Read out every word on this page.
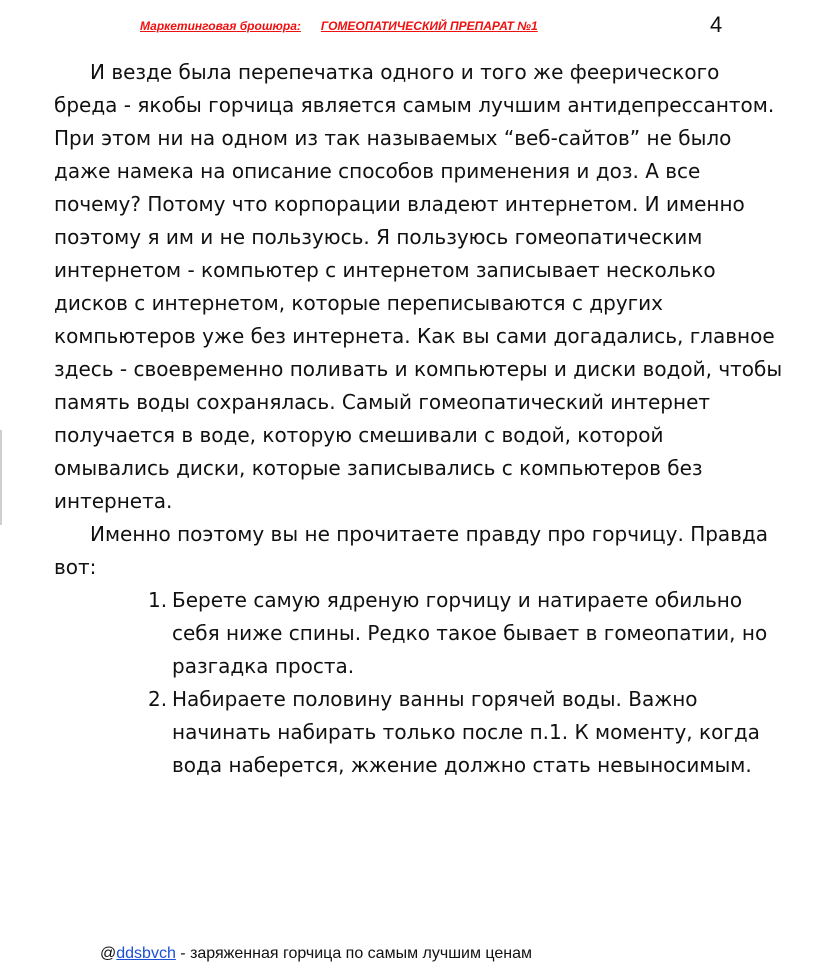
Маркетинговая брошюра: ГОМЕОПАТИЧЕСКИЙ ПРЕПАРАТ №1	4

И везде была перепечатка одного и того же феерического бреда - якобы горчица является самым лучшим антидепрессантом. При этом ни на одном из так называемых “веб-сайтов” не было даже намека на описание способов применения и доз. А все почему? Потому что корпорации владеют интернетом. И именно поэтому я им и не пользуюсь. Я пользуюсь гомеопатическим интернетом - компьютер с интернетом записывает несколько дисков с интернетом, которые переписываются с других компьютеров уже без интернета. Как вы сами догадались, главное здесь - своевременно поливать и компьютеры и диски водой, чтобы память воды сохранялась. Самый гомеопатический интернет получается в воде, которую смешивали с водой, которой омывались диски, которые записывались с компьютеров без интернета.

Именно поэтому вы не прочитаете правду про горчицу. Правда вот:

1. Берете самую ядреную горчицу и натираете обильно себя ниже спины. Редко такое бывает в гомеопатии, но разгадка проста.
2. Набираете половину ванны горячей воды. Важно начинать набирать только после п.1. К моменту, когда вода наберется, жжение должно стать невыносимым.
@ddsbvch - заряженная горчица по самым лучшим ценам
